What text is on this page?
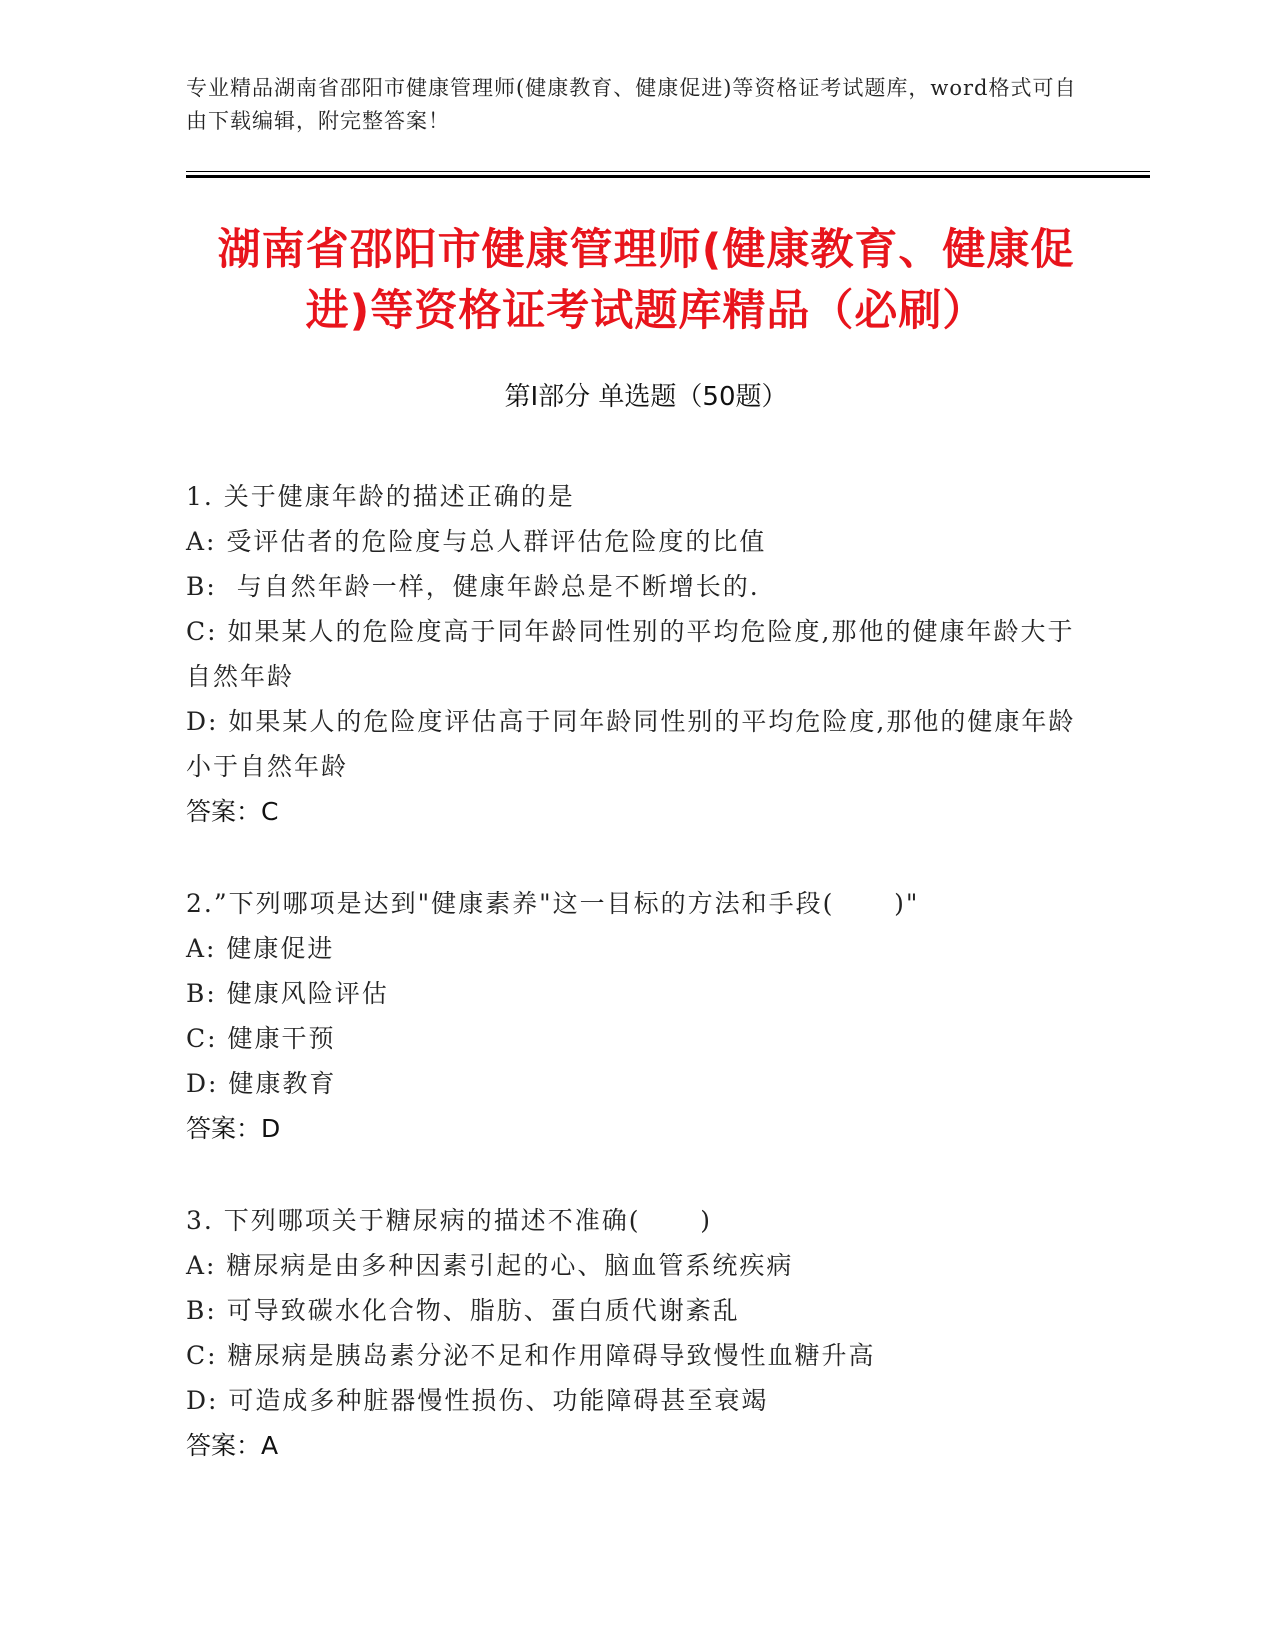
专业精品湖南省邵阳市健康管理师(健康教育、健康促进)等资格证考试题库，word格式可自由下载编辑，附完整答案！
湖南省邵阳市健康管理师(健康教育、健康促进)等资格证考试题库精品（必刷）
第Ⅰ部分 单选题（50题）
1. 关于健康年龄的描述正确的是
A: 受评估者的危险度与总人群评估危险度的比值
B:  与自然年龄一样，健康年龄总是不断增长的.
C: 如果某人的危险度高于同年龄同性别的平均危险度,那他的健康年龄大于自然年龄
D: 如果某人的危险度评估高于同年龄同性别的平均危险度,那他的健康年龄小于自然年龄
答案：C
2.”下列哪项是达到"健康素养"这一目标的方法和手段(      )"
A: 健康促进
B: 健康风险评估
C: 健康干预
D: 健康教育
答案：D
3. 下列哪项关于糖尿病的描述不准确(      )
A: 糖尿病是由多种因素引起的心、脑血管系统疾病
B: 可导致碳水化合物、脂肪、蛋白质代谢紊乱
C: 糖尿病是胰岛素分泌不足和作用障碍导致慢性血糖升高
D: 可造成多种脏器慢性损伤、功能障碍甚至衰竭
答案：A
